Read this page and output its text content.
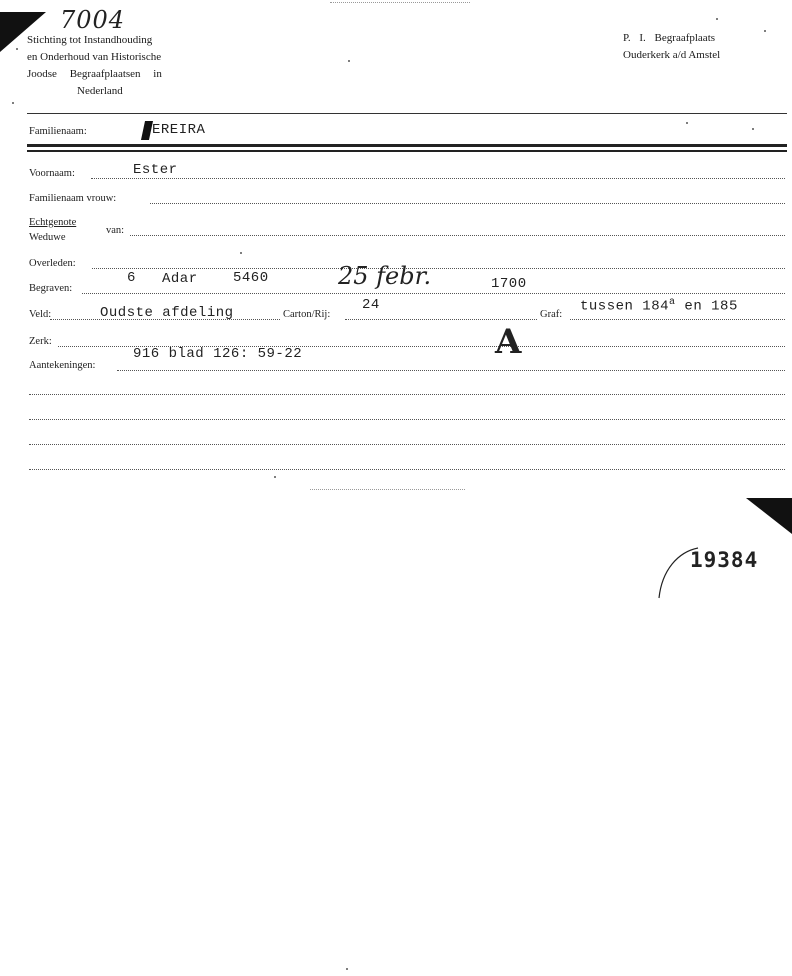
Stichting tot Instandhouding
en Onderhoud van Historische
Joodse Begraafplaatsen in
Nederland
7004
P. I. Begraafplaats
Ouderkerk a/d Amstel
Familienaam:	EREIRA
Voornaam:	Ester
Familienaam vrouw:
Echtgenote
Weduwe
van:
Overleden:
Begraven:
6 Adar	5460	25 febr.	1700
Veld:	Oudste afdeling	Carton/Rij:
24
Graf: tussen 184$^a$ en 185
Zerk:	A
Aantekeningen:
916 blad 126: 59-22
19384
